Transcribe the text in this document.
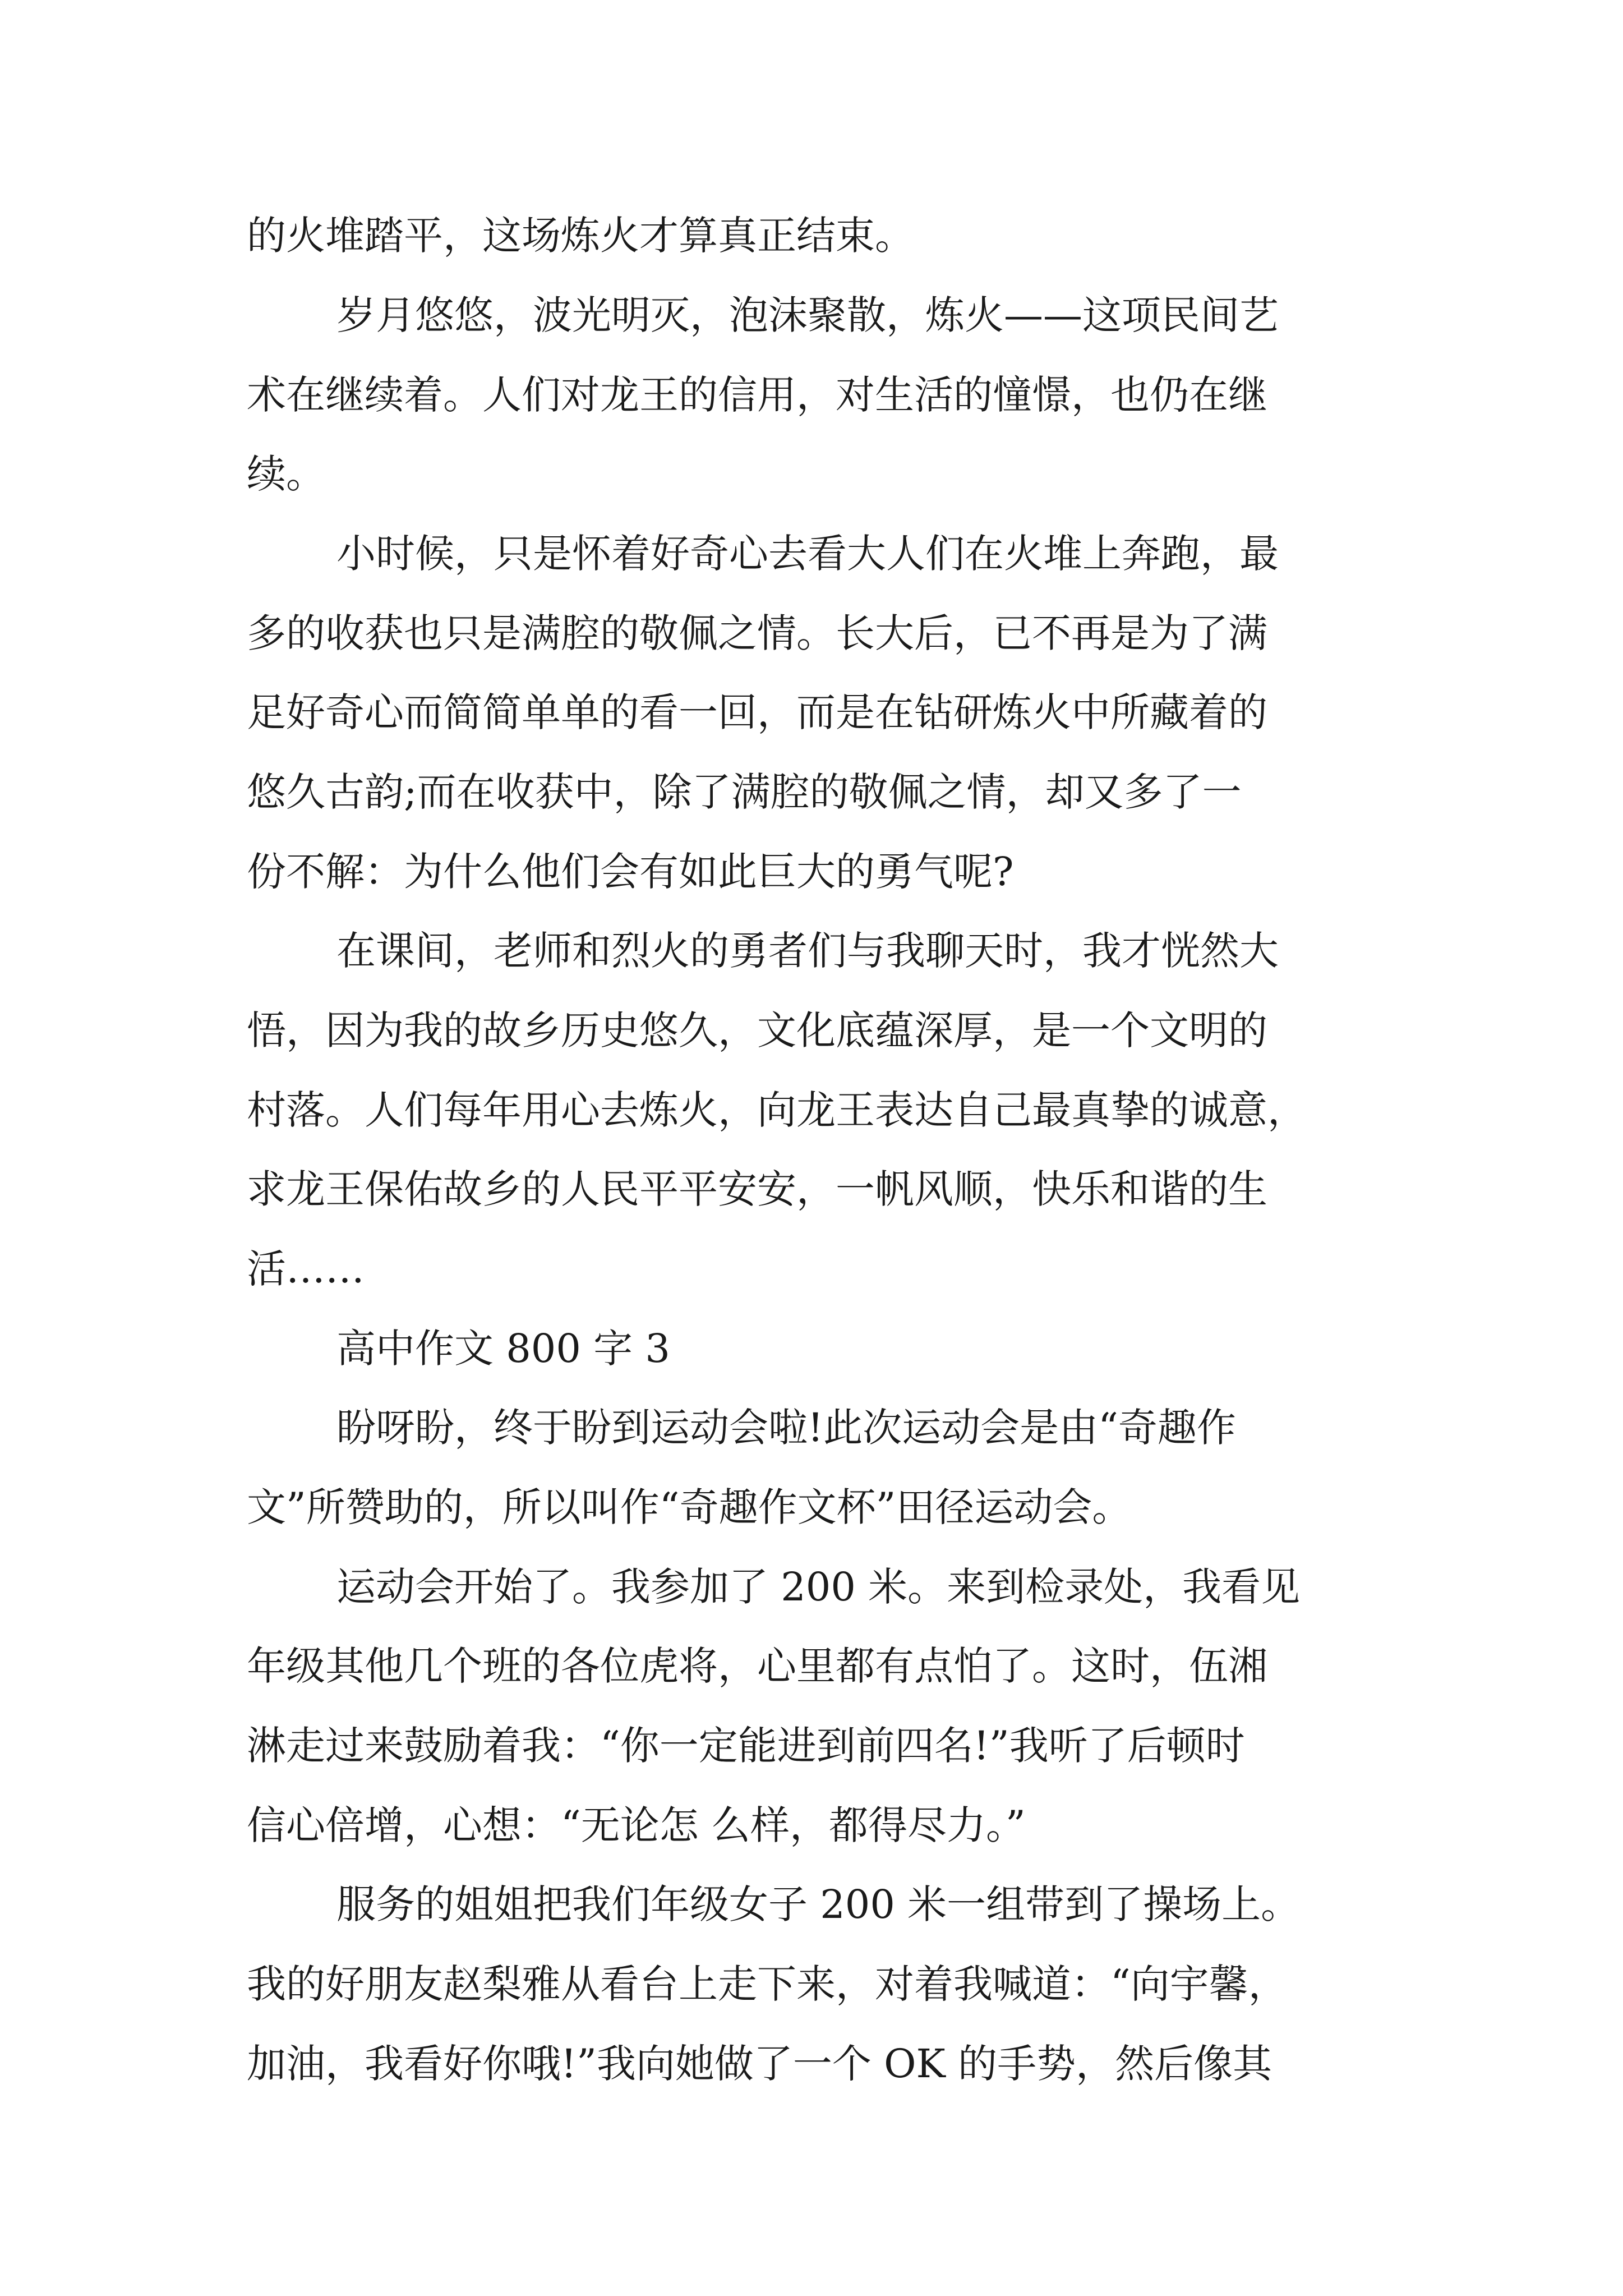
的火堆踏平，这场炼火才算真正结束。

岁月悠悠，波光明灭，泡沫聚散，炼火——这项民间艺

术在继续着。人们对龙王的信用，对生活的憧憬，也仍在继

续。

小时候，只是怀着好奇心去看大人们在火堆上奔跑，最

多的收获也只是满腔的敬佩之情。长大后，已不再是为了满

足好奇心而简简单单的看一回，而是在钻研炼火中所藏着的

悠久古韵;而在收获中，除了满腔的敬佩之情，却又多了一

份不解：为什么他们会有如此巨大的勇气呢?

在课间，老师和烈火的勇者们与我聊天时，我才恍然大

悟，因为我的故乡历史悠久，文化底蕴深厚，是一个文明的

村落。人们每年用心去炼火，向龙王表达自己最真挚的诚意，

求龙王保佑故乡的人民平平安安，一帆风顺，快乐和谐的生

活……

高中作文 800 字 3

盼呀盼，终于盼到运动会啦!此次运动会是由“奇趣作

文”所赞助的，所以叫作“奇趣作文杯”田径运动会。

运动会开始了。我参加了 200 米。来到检录处，我看见

年级其他几个班的各位虎将，心里都有点怕了。这时，伍湘

淋走过来鼓励着我：“你一定能进到前四名!”我听了后顿时

信心倍增，心想：“无论怎 么样，都得尽力。”

服务的姐姐把我们年级女子 200 米一组带到了操场上。

我的好朋友赵梨雅从看台上走下来，对着我喊道：“向宇馨，

加油，我看好你哦!”我向她做了一个 OK 的手势，然后像其
